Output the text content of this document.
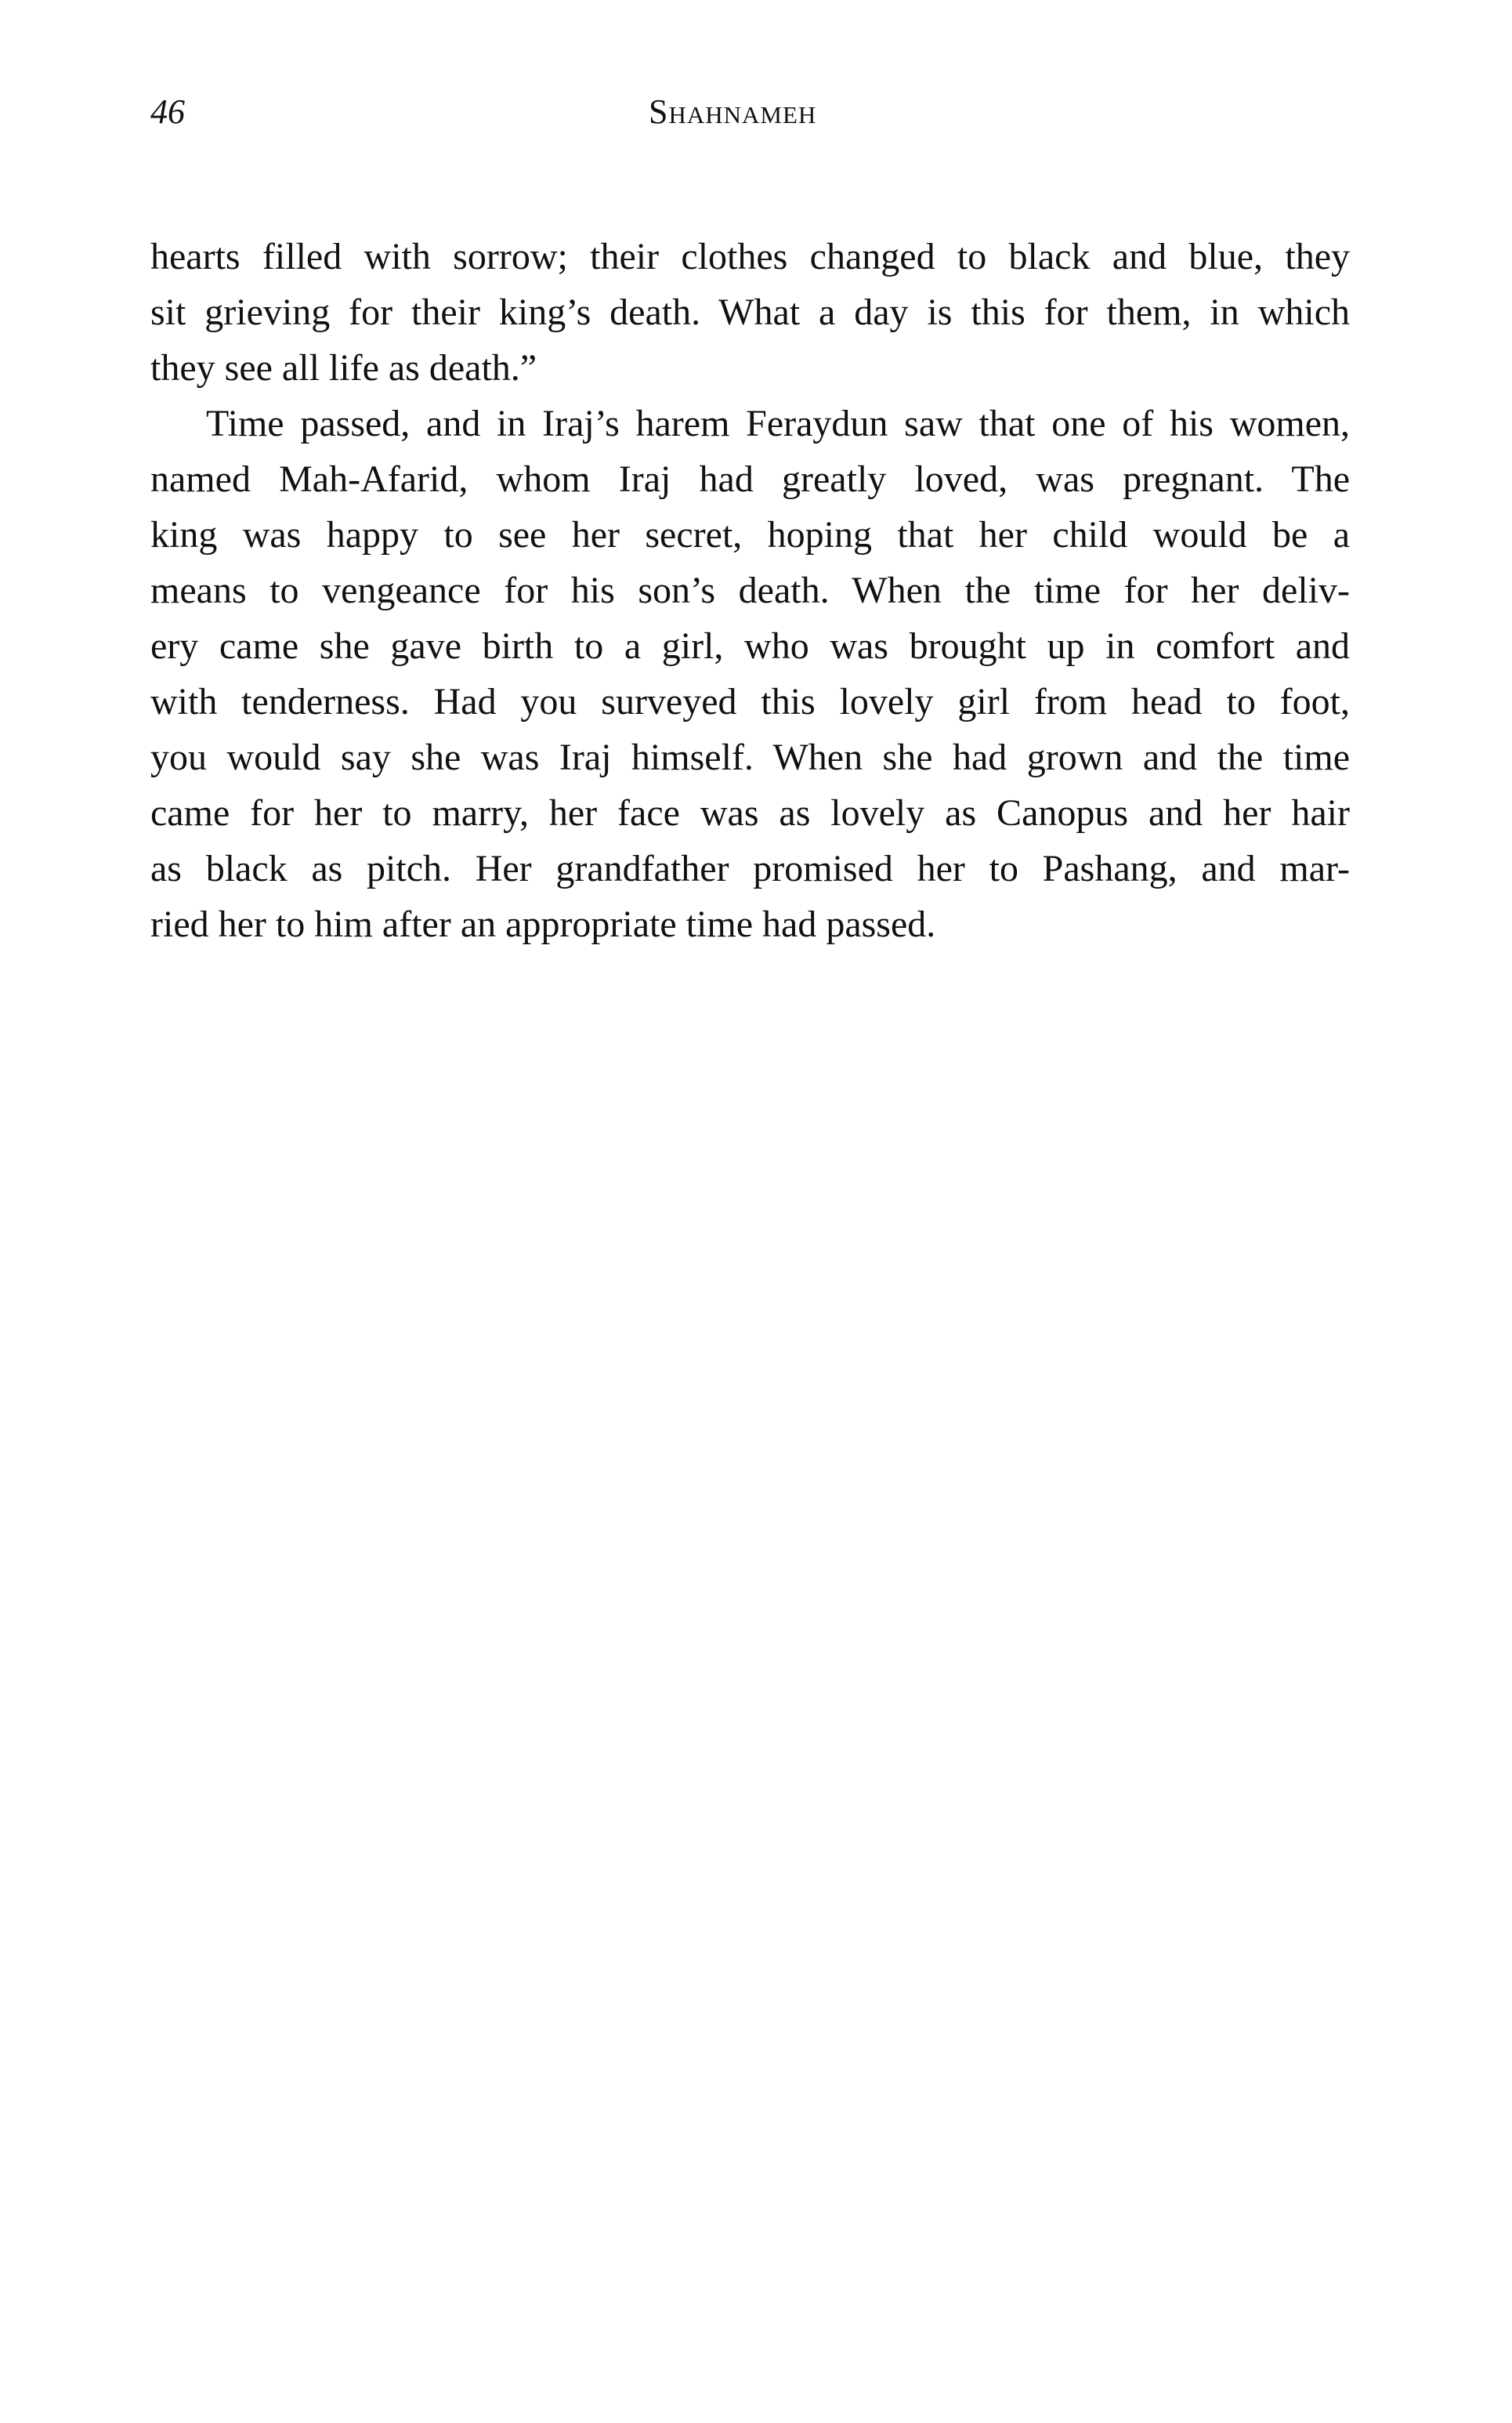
46	Shahnameh
hearts filled with sorrow; their clothes changed to black and blue, they
sit grieving for their king’s death. What a day is this for them, in which
they see all life as death.”
Time passed, and in Iraj’s harem Feraydun saw that one of his women,
named Mah-Afarid, whom Iraj had greatly loved, was pregnant. The
king was happy to see her secret, hoping that her child would be a
means to vengeance for his son’s death. When the time for her deliv-
ery came she gave birth to a girl, who was brought up in comfort and
with tenderness. Had you surveyed this lovely girl from head to foot,
you would say she was Iraj himself. When she had grown and the time
came for her to marry, her face was as lovely as Canopus and her hair
as black as pitch. Her grandfather promised her to Pashang, and mar-
ried her to him after an appropriate time had passed.
